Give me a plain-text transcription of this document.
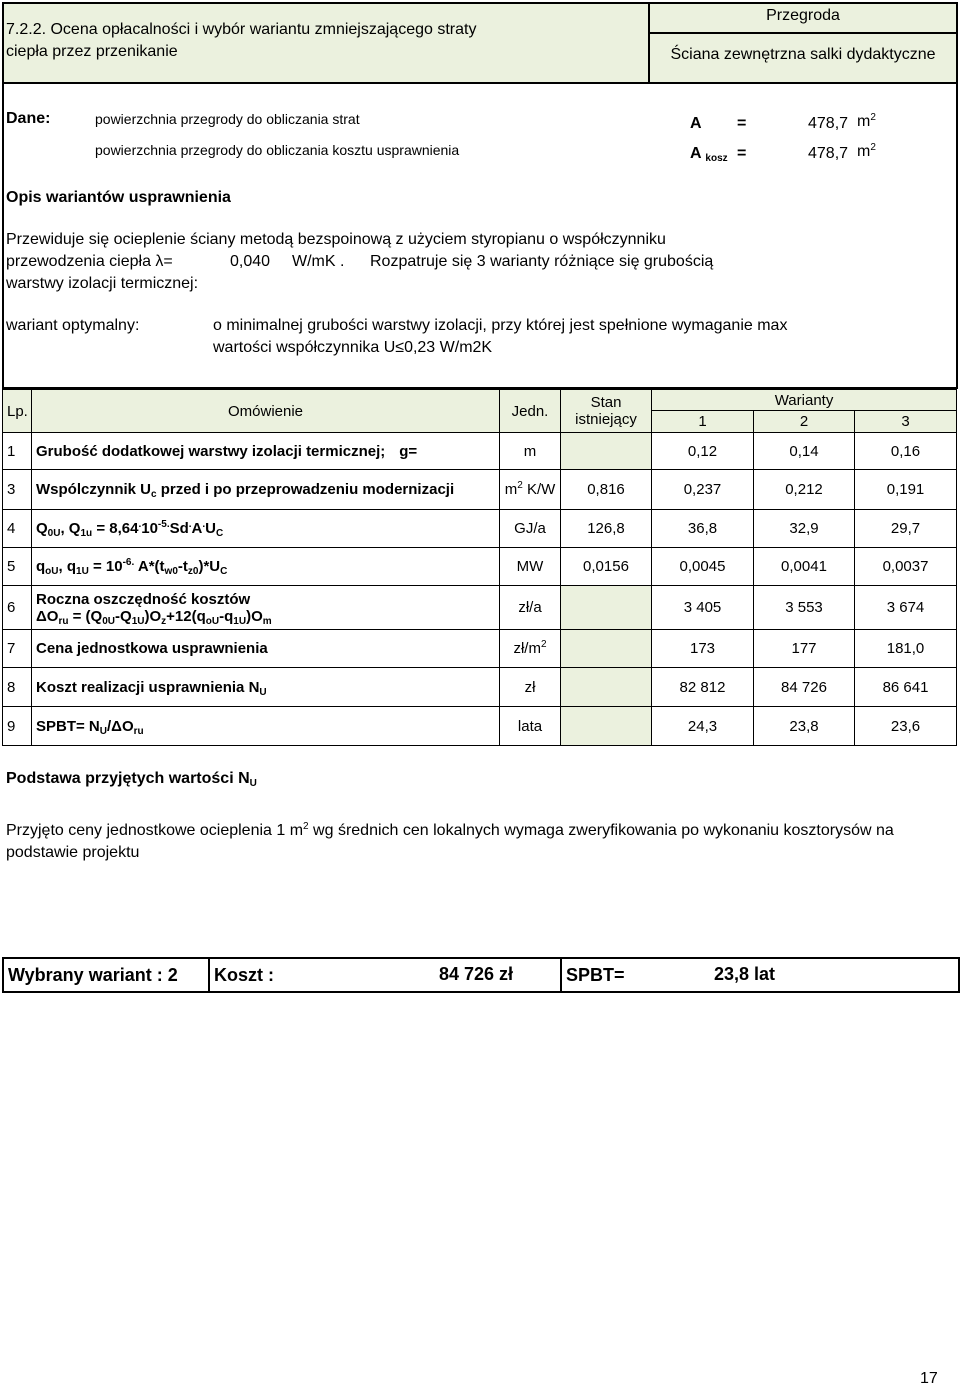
7.2.2. Ocena opłacalności i wybór wariantu zmniejszającego straty
ciepła przez przenikanie
Przegroda
Ściana zewnętrzna salki dydaktyczne
Dane:	powierzchnia przegrody do obliczania strat	A =	478,7 $m^2$
powierzchnia przegrody do obliczania kosztu usprawnienia	A $_{kosz}$ =	478,7 $m^2$
Opis wariantów usprawnienia
Przewiduje się ocieplenie ściany metodą bezspoinową z użyciem styropianu o współczynniku
przewodzenia ciepła λ=	0,040 W/mK . Rozpatruje się 3 warianty różniące się grubością
warstwy izolacji termicznej:
wariant optymalny:	o minimalnej grubości warstwy izolacji, przy której jest spełnione wymaganie max
wartości współczynnika U≤0,23 W/m2K
Lp.	Omówienie	Jedn.	Stan
istniejący	Warianty		
				1	2	3
1	Grubość dodatkowej warstwy izolacji termicznej; g=	m		0,12	0,14	0,16
3	Wspólczynnik $U_c$ przed i po przeprowadzeniu modernizacji	$m^2$ K/W	0,816	0,237	0,212	0,191
4	$Q_{0U}$, $Q_{1u} = 8,64^.10^{-5.}Sd^.A^.U_C$	GJ/a	126,8	36,8	32,9	29,7
5	$q_{oU}$, $q_{1U} = 10^{-6.}$ $A*(t_{w0}-t_{z0})*U_C$	MW	0,0156	0,0045	0,0041	0,0037
6	Roczna oszczędność kosztów
$\Delta O_{ru} = (Q_{0U}-Q_{1U})O_z+12(q_{oU}-q_{1U})O_m$	zł/a		3 405	3 553	3 674
7	Cena jednostkowa usprawnienia	$zł/m^2$		173	177	181,0
8	Koszt realizacji usprawnienia $N_U$	zł		82 812	84 726	86 641
9	SPBT= $N_U/\Delta O_{ru}$	lata		24,3	23,8	23,6
Podstawa przyjętych wartości $N_U$
Przyjęto ceny jednostkowe ocieplenia 1 $m^2$ wg średnich cen lokalnych wymaga zweryfikowania po wykonaniu kosztorysów na
podstawie projektu
Wybrany wariant : 2	Koszt :	84 726 zł	SPBT=	23,8 lat
17
